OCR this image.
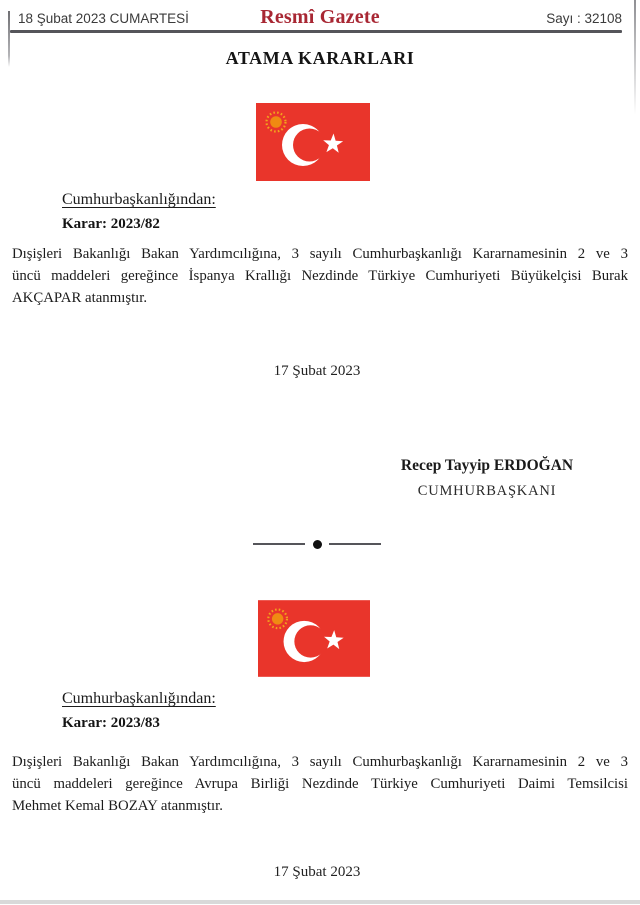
18 Şubat 2023 CUMARTESİ	Resmî Gazete	Sayı : 32108
ATAMA KARARLARI
Cumhurbaşkanlığından:
Karar: 2023/82
Dışişleri Bakanlığı Bakan Yardımcılığına, 3 sayılı Cumhurbaşkanlığı Kararnamesinin 2 ve 3
üncü maddeleri gereğince İspanya Krallığı Nezdinde Türkiye Cumhuriyeti Büyükelçisi Burak
AKÇAPAR atanmıştır.
17 Şubat 2023
Recep Tayyip ERDOĞAN
CUMHURBAŞKANI
Cumhurbaşkanlığından:
Karar: 2023/83
Dışişleri Bakanlığı Bakan Yardımcılığına, 3 sayılı Cumhurbaşkanlığı Kararnamesinin 2 ve 3
üncü maddeleri gereğince Avrupa Birliği Nezdinde Türkiye Cumhuriyeti Daimi Temsilcisi
Mehmet Kemal BOZAY atanmıştır.
17 Şubat 2023
